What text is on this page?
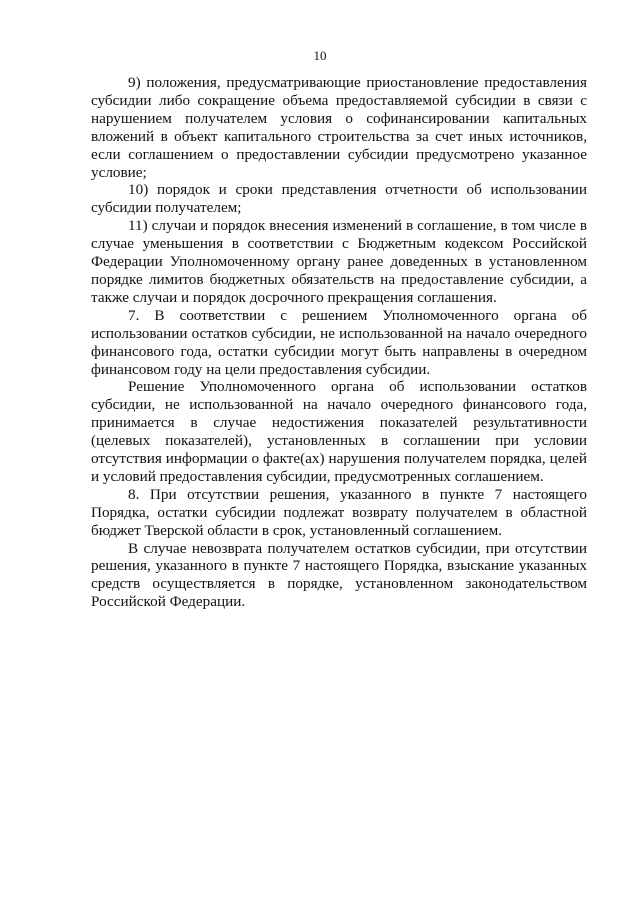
10

9) положения, предусматривающие приостановление предоставления субсидии либо сокращение объема предоставляемой субсидии в связи с нарушением получателем условия о софинансировании капитальных вложений в объект капитального строительства за счет иных источников, если соглашением о предоставлении субсидии предусмотрено указанное условие;

10) порядок и сроки представления отчетности об использовании субсидии получателем;

11) случаи и порядок внесения изменений в соглашение, в том числе в случае уменьшения в соответствии с Бюджетным кодексом Российской Федерации Уполномоченному органу ранее доведенных в установленном порядке лимитов бюджетных обязательств на предоставление субсидии, а также случаи и порядок досрочного прекращения соглашения.

7. В соответствии с решением Уполномоченного органа об использовании остатков субсидии, не использованной на начало очередного финансового года, остатки субсидии могут быть направлены в очередном финансовом году на цели предоставления субсидии.

Решение Уполномоченного органа об использовании остатков субсидии, не использованной на начало очередного финансового года, принимается в случае недостижения показателей результативности (целевых показателей), установленных в соглашении при условии отсутствия информации о факте(ах) нарушения получателем порядка, целей и условий предоставления субсидии, предусмотренных соглашением.

8. При отсутствии решения, указанного в пункте 7 настоящего Порядка, остатки субсидии подлежат возврату получателем в областной бюджет Тверской области в срок, установленный соглашением.

В случае невозврата получателем остатков субсидии, при отсутствии решения, указанного в пункте 7 настоящего Порядка, взыскание указанных средств осуществляется в порядке, установленном законодательством Российской Федерации.
